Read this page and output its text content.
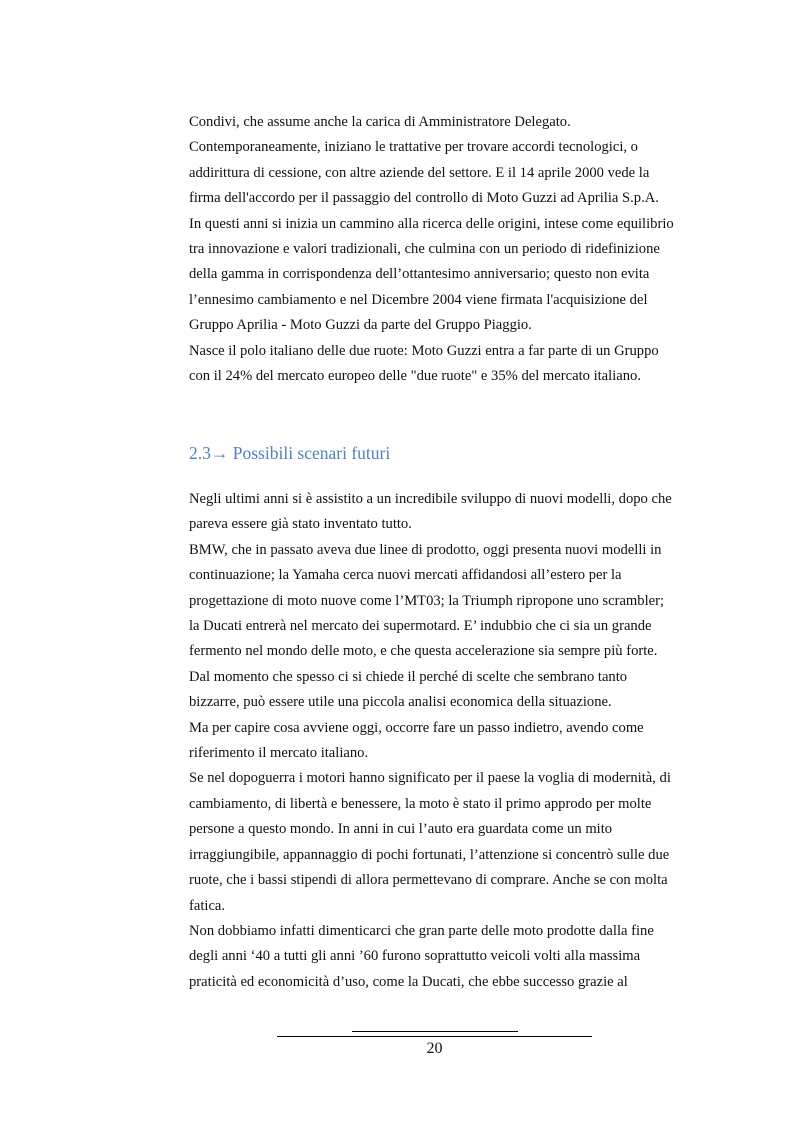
Condivi, che assume anche la carica di Amministratore Delegato.
Contemporaneamente, iniziano le trattative per trovare accordi tecnologici, o
addirittura di cessione, con altre aziende del settore. E il 14 aprile 2000 vede la
firma dell'accordo per il passaggio del controllo di Moto Guzzi ad Aprilia S.p.A.
In questi anni si inizia un cammino alla ricerca delle origini, intese come equilibrio
tra innovazione e valori tradizionali, che culmina con un periodo di ridefinizione
della gamma in corrispondenza dell’ottantesimo anniversario; questo non evita
l’ennesimo cambiamento e nel Dicembre 2004 viene firmata l'acquisizione del
Gruppo Aprilia - Moto Guzzi da parte del Gruppo Piaggio.
Nasce il polo italiano delle due ruote: Moto Guzzi entra a far parte di un Gruppo
con il 24% del mercato europeo delle "due ruote" e 35% del mercato italiano.
2.3→ Possibili scenari futuri
Negli ultimi anni si è assistito a un incredibile sviluppo di nuovi modelli, dopo che
pareva essere già stato inventato tutto.
BMW, che in passato aveva due linee di prodotto, oggi presenta nuovi modelli in
continuazione; la Yamaha cerca nuovi mercati affidandosi all’estero per la
progettazione di moto nuove come l’MT03; la Triumph ripropone uno scrambler;
la Ducati entrerà nel mercato dei supermotard. E’ indubbio che ci sia un grande
fermento nel mondo delle moto, e che questa accelerazione sia sempre più forte.
Dal momento che spesso ci si chiede il perché di scelte che sembrano tanto
bizzarre, può essere utile una piccola analisi economica della situazione.
Ma per capire cosa avviene oggi, occorre fare un passo indietro, avendo come
riferimento il mercato italiano.
Se nel dopoguerra i motori hanno significato per il paese la voglia di modernità, di
cambiamento, di libertà e benessere, la moto è stato il primo approdo per molte
persone a questo mondo. In anni in cui l’auto era guardata come un mito
irraggiungibile, appannaggio di pochi fortunati, l’attenzione si concentrò sulle due
ruote, che i bassi stipendi di allora permettevano di comprare. Anche se con molta
fatica.
Non dobbiamo infatti dimenticarci che gran parte delle moto prodotte dalla fine
degli anni ‘40 a tutti gli anni ’60 furono soprattutto veicoli volti alla massima
praticità ed economicità d’uso, come la Ducati, che ebbe successo grazie al
20
